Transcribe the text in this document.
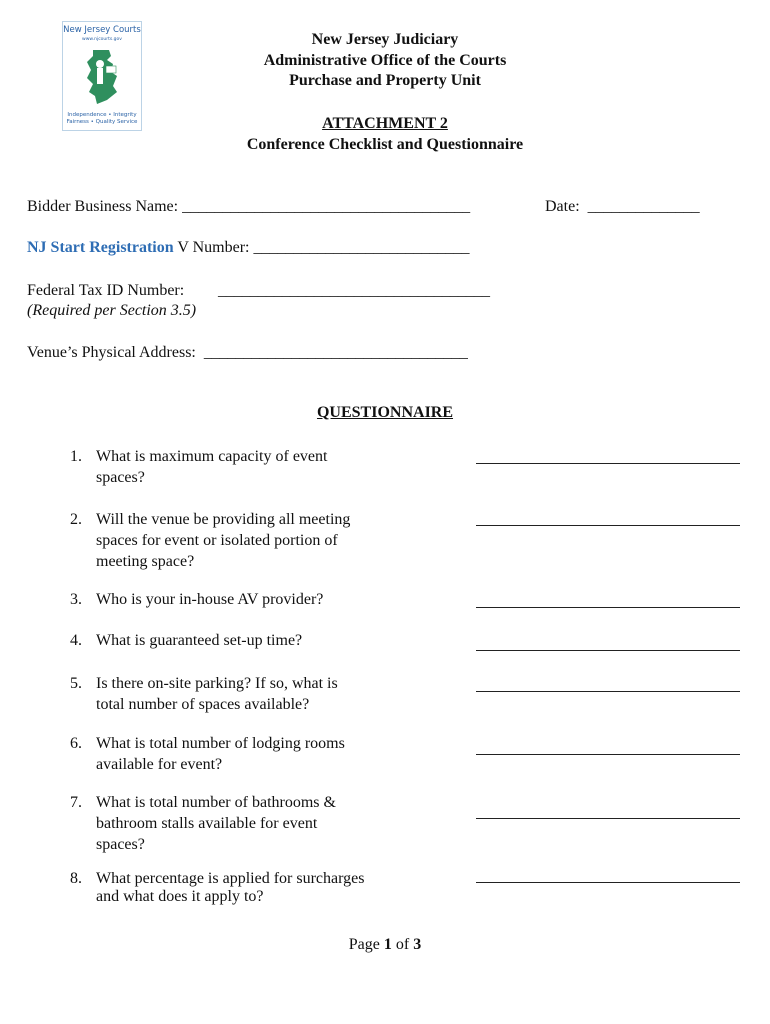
New Jersey Courts
www.njcourts.gov
Independence • Integrity
Fairness • Quality Service
New Jersey Judiciary
Administrative Office of the Courts
Purchase and Property Unit
ATTACHMENT 2
Conference Checklist and Questionnaire
Bidder Business Name: ____________________________________	Date: ______________
NJ Start Registration V Number: ___________________________
Federal Tax ID Number: __________________________________
(Required per Section 3.5)
Venue’s Physical Address: _________________________________
QUESTIONNAIRE
1. What is maximum capacity of event spaces?
2. Will the venue be providing all meeting spaces for event or isolated portion of meeting space?
3. Who is your in-house AV provider?
4. What is guaranteed set-up time?
5. Is there on-site parking? If so, what is total number of spaces available?
6. What is total number of lodging rooms available for event?
7. What is total number of bathrooms & bathroom stalls available for event spaces?
8. What percentage is applied for surcharges and what does it apply to?
Page 1 of 3
